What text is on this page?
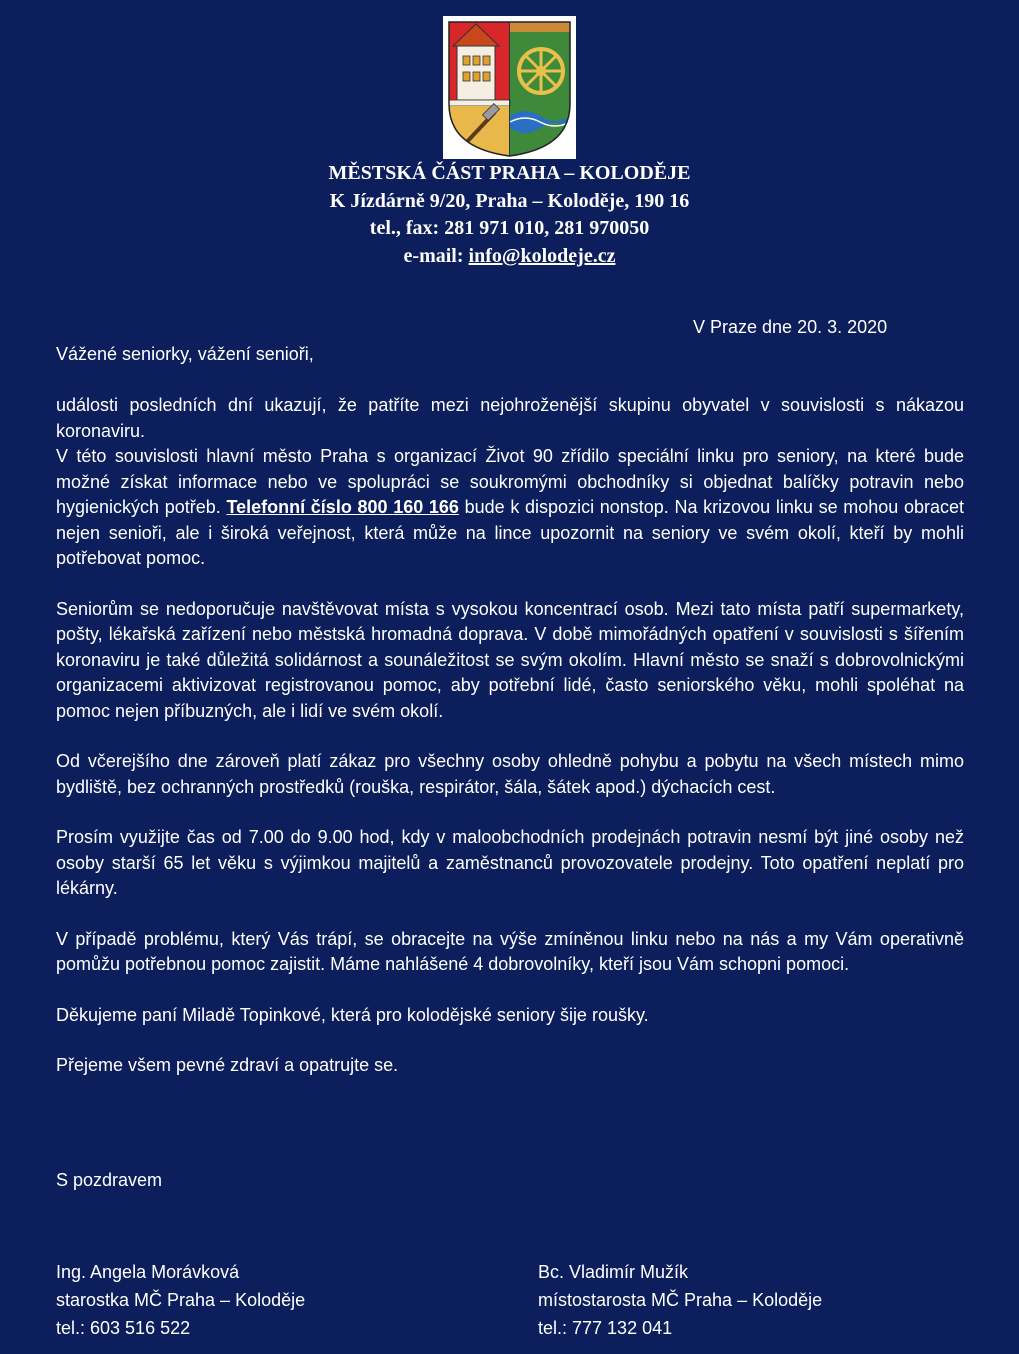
MĚSTSKÁ ČÁST PRAHA – KOLODĚJE
K Jízdárně 9/20, Praha – Koloděje, 190 16
tel., fax: 281 971 010, 281 970050
e-mail: info@kolodeje.cz
V Praze dne 20. 3. 2020
Vážené seniorky, vážení senioři,

události posledních dní ukazují, že patříte mezi nejohroženější skupinu obyvatel v souvislosti s nákazou koronaviru.
V této souvislosti hlavní město Praha s organizací Život 90 zřídilo speciální linku pro seniory, na které bude možné získat informace nebo ve spolupráci se soukromými obchodníky si objednat balíčky potravin nebo hygienických potřeb. Telefonní číslo 800 160 166 bude k dispozici nonstop. Na krizovou linku se mohou obracet nejen senioři, ale i široká veřejnost, která může na lince upozornit na seniory ve svém okolí, kteří by mohli potřebovat pomoc.

Seniorům se nedoporučuje navštěvovat místa s vysokou koncentrací osob. Mezi tato místa patří supermarkety, pošty, lékařská zařízení nebo městská hromadná doprava. V době mimořádných opatření v souvislosti s šířením koronaviru je také důležitá solidárnost a sounáležitost se svým okolím. Hlavní město se snaží s dobrovolnickými organizacemi aktivizovat registrovanou pomoc, aby potřební lidé, často seniorského věku, mohli spoléhat na pomoc nejen příbuzných, ale i lidí ve svém okolí.

Od včerejšího dne zároveň platí zákaz pro všechny osoby ohledně pohybu a pobytu na všech místech mimo bydliště, bez ochranných prostředků (rouška, respirátor, šála, šátek apod.) dýchacích cest.

Prosím využijte čas od 7.00 do 9.00 hod, kdy v maloobchodních prodejnách potravin nesmí být jiné osoby než osoby starší 65 let věku s výjimkou majitelů a zaměstnanců provozovatele prodejny. Toto opatření neplatí pro lékárny.

V případě problému, který Vás trápí, se obracejte na výše zmíněnou linku nebo na nás a my Vám operativně pomůžu potřebnou pomoc zajistit. Máme nahlášené 4 dobrovolníky, kteří jsou Vám schopni pomoci.

Děkujeme paní Miladě Topinkové, která pro kolodějské seniory šije roušky.

Přejeme všem pevné zdraví a opatrujte se.

S pozdravem
Ing. Angela Morávková
starostka MČ Praha – Koloděje
tel.: 603 516 522
Bc. Vladimír Mužík
místostarosta MČ Praha – Koloděje
tel.: 777 132 041
